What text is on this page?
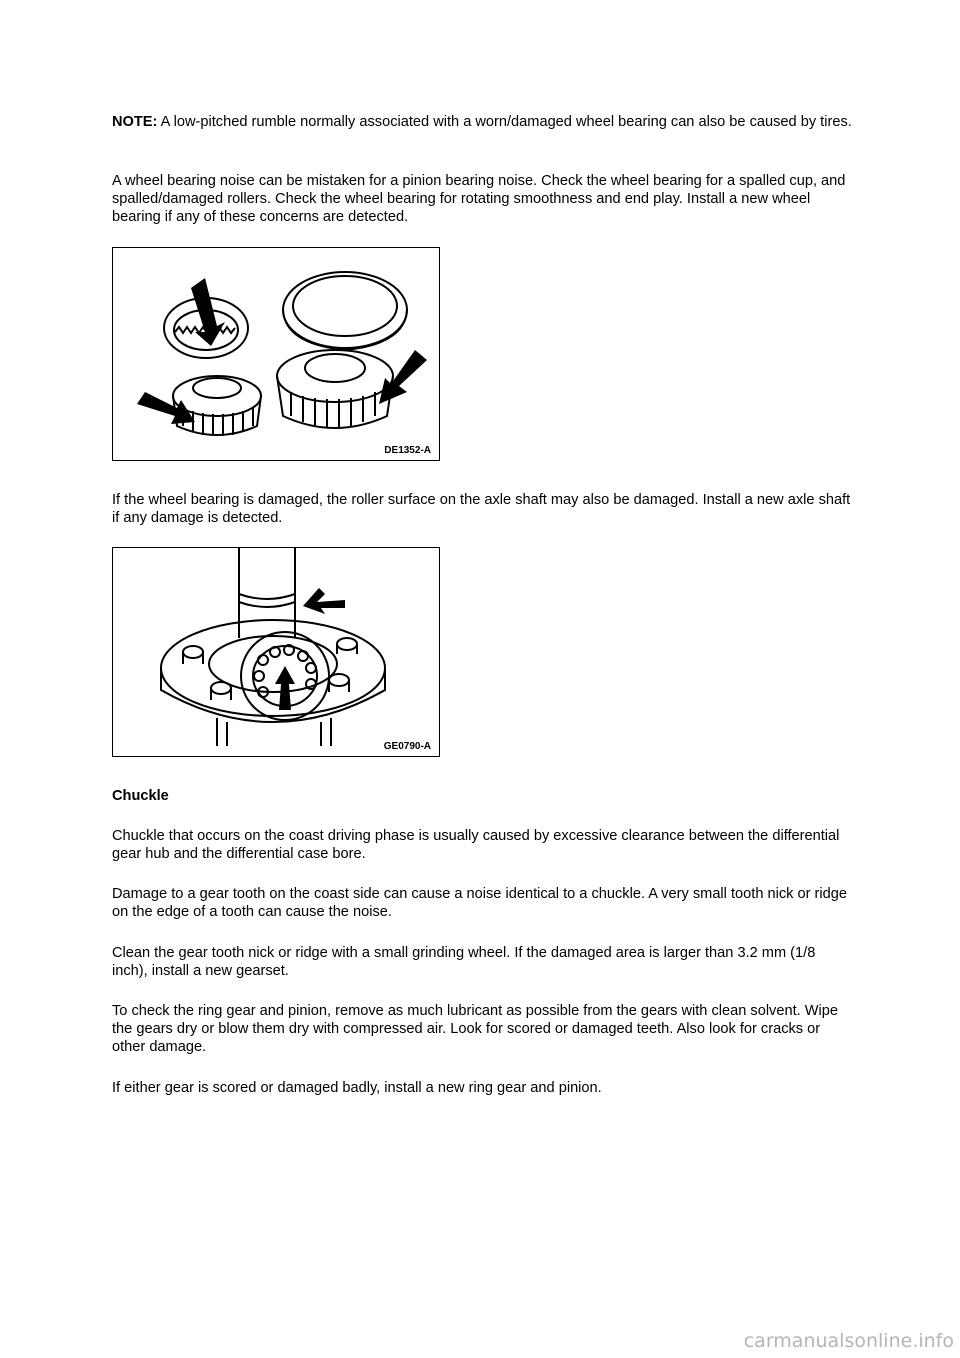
NOTE: A low-pitched rumble normally associated with a worn/damaged wheel bearing can also be caused by tires.

A wheel bearing noise can be mistaken for a pinion bearing noise. Check the wheel bearing for a spalled cup, and spalled/damaged rollers. Check the wheel bearing for rotating smoothness and end play. Install a new wheel bearing if any of these concerns are detected.

DE1352-A

If the wheel bearing is damaged, the roller surface on the axle shaft may also be damaged. Install a new axle shaft if any damage is detected.

GE0790-A

Chuckle

Chuckle that occurs on the coast driving phase is usually caused by excessive clearance between the differential gear hub and the differential case bore.

Damage to a gear tooth on the coast side can cause a noise identical to a chuckle. A very small tooth nick or ridge on the edge of a tooth can cause the noise.

Clean the gear tooth nick or ridge with a small grinding wheel. If the damaged area is larger than 3.2 mm (1/8 inch), install a new gearset.

To check the ring gear and pinion, remove as much lubricant as possible from the gears with clean solvent. Wipe the gears dry or blow them dry with compressed air. Look for scored or damaged teeth. Also look for cracks or other damage.

If either gear is scored or damaged badly, install a new ring gear and pinion.

carmanualsonline.info
